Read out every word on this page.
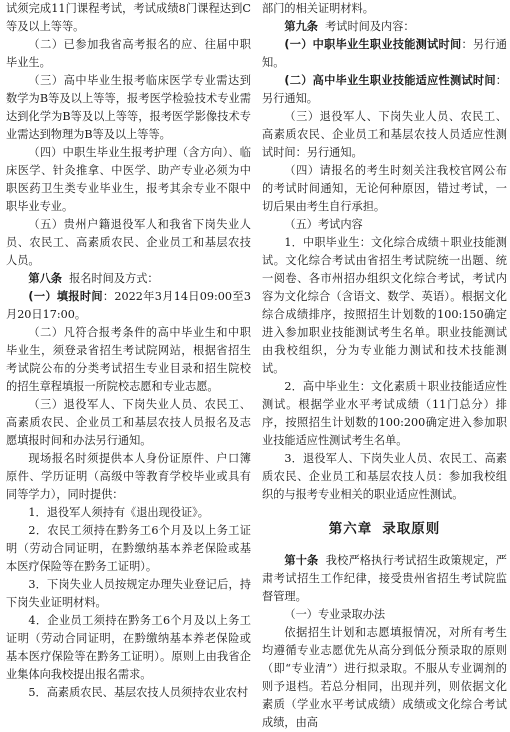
试须完成11门课程考试，考试成绩8门课程达到C等及以上等等。

（二）已参加我省高考报名的应、往届中职毕业生。

（三）高中毕业生报考临床医学专业需达到数学为B等及以上等等，报考医学检验技术专业需达到化学为B等及以上等等，报考医学影像技术专业需达到物理为B等及以上等等。

（四）中职生毕业生报考护理（含方向）、临床医学、针灸推拿、中医学、助产专业必须为中职医药卫生类专业毕业生，报考其余专业不限中职毕业专业。

（五）贵州户籍退役军人和我省下岗失业人员、农民工、高素质农民、企业员工和基层农技人员。

第八条 报名时间及方式：

(一）填报时间：2022年3月14日09:00至3月20日17:00。

（二）凡符合报考条件的高中毕业生和中职毕业生，须登录省招生考试院网站，根据省招生考试院公布的分类考试招生专业目录和招生院校的招生章程填报一所院校志愿和专业志愿。

（三）退役军人、下岗失业人员、农民工、高素质农民、企业员工和基层农技人员报名及志愿填报时间和办法另行通知。

现场报名时须提供本人身份证原件、户口簿原件、学历证明（高级中等教育学校毕业或具有同等学力），同时提供：

1．退役军人须持有《退出现役证》。

2．农民工须持在黔务工6个月及以上务工证明（劳动合同证明，在黔缴纳基本养老保险或基本医疗保险等在黔务工证明）。

3．下岗失业人员按规定办理失业登记后，持下岗失业证明材料。

4．企业员工须持在黔务工6个月及以上务工证明（劳动合同证明，在黔缴纳基本养老保险或基本医疗保险等在黔务工证明）。原则上由我省企业集体向我校提出报名需求。

5．高素质农民、基层农技人员须持农业农村

部门的相关证明材料。

第九条 考试时间及内容：

(一）中职毕业生职业技能测试时间：另行通知。

(二）高中毕业生职业技能适应性测试时间：另行通知。

（三）退役军人、下岗失业人员、农民工、高素质农民、企业员工和基层农技人员适应性测试时间：另行通知。

（四）请报名的考生时刻关注我校官网公布的考试时间通知，无论何种原因，错过考试，一切后果由考生自行承担。

（五）考试内容

1．中职毕业生：文化综合成绩＋职业技能测试。文化综合考试由省招生考试院统一出题、统一阅卷、各市州招办组织文化综合考试，考试内容为文化综合（含语文、数学、英语）。根据文化综合成绩排序，按照招生计划数的100:150确定进入参加职业技能测试考生名单。职业技能测试由我校组织，分为专业能力测试和技术技能测试。

2．高中毕业生：文化素质＋职业技能适应性测试。根据学业水平考试成绩（11门总分）排序，按照招生计划数的100:200确定进入参加职业技能适应性测试考生名单。

3．退役军人、下岗失业人员、农民工、高素质农民、企业员工和基层农技人员：参加我校组织的与报考专业相关的职业适应性测试。

第六章 录取原则

第十条 我校严格执行考试招生政策规定，严肃考试招生工作纪律，接受贵州省招生考试院监督管理。

（一）专业录取办法

依据招生计划和志愿填报情况，对所有考生均遵循专业志愿优先从高分到低分预录取的原则（即“专业清”）进行拟录取。不服从专业调剂的则予退档。若总分相同，出现并列，则依据文化素质（学业水平考试成绩）成绩或文化综合考试成绩，由高
